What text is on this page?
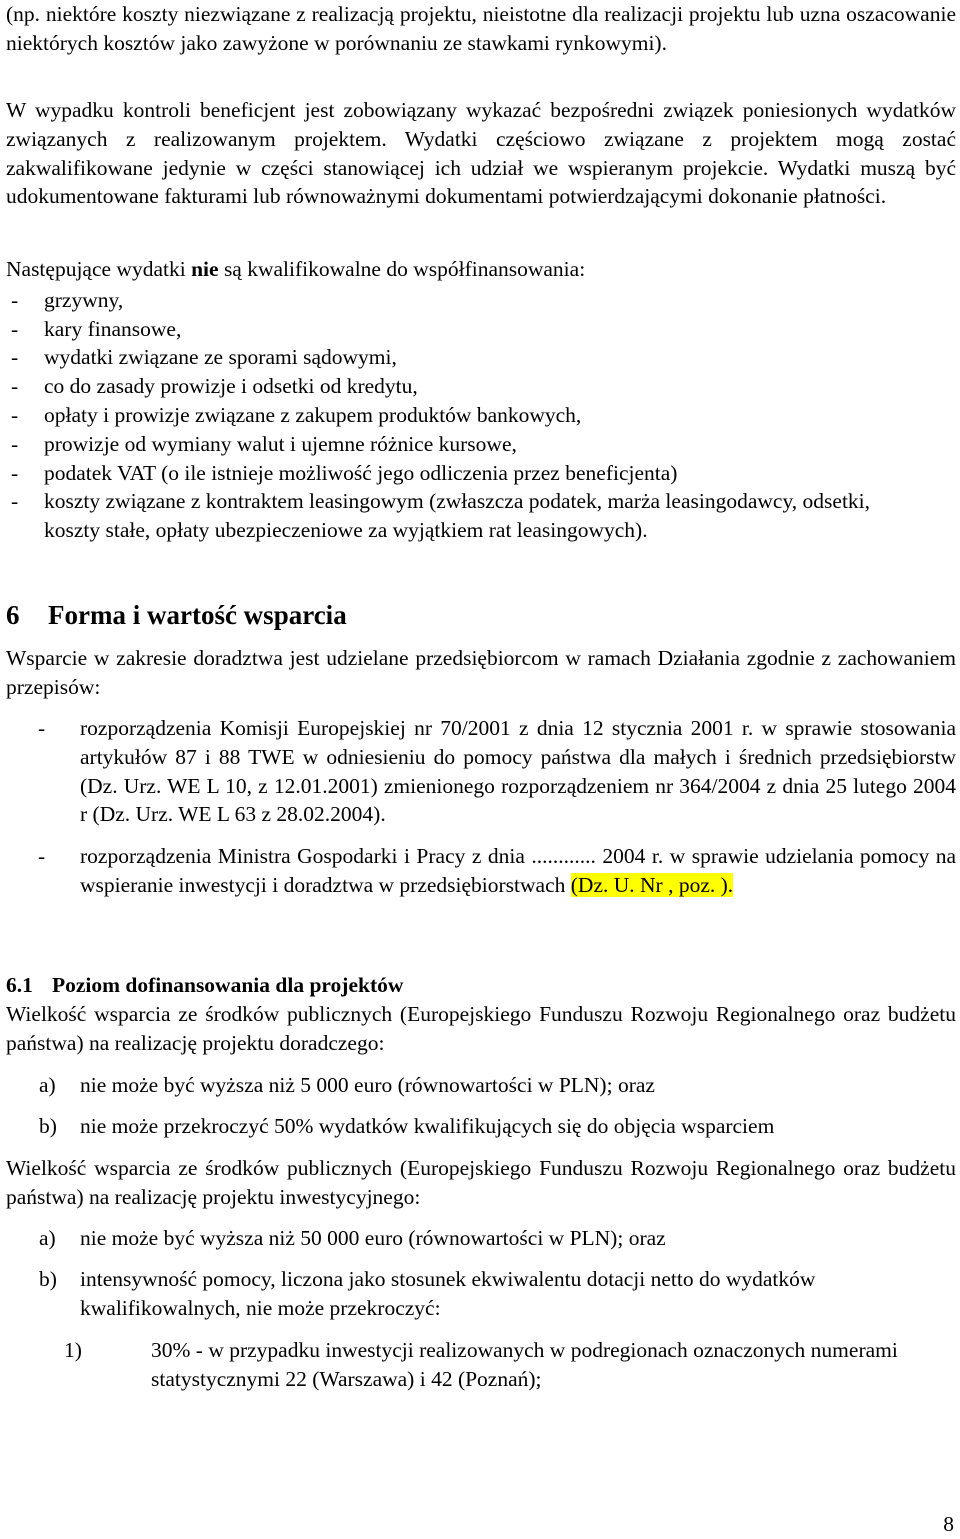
(np. niektóre koszty niezwiązane z realizacją projektu, nieistotne dla realizacji projektu lub uzna oszacowanie niektórych kosztów jako zawyżone w porównaniu ze stawkami rynkowymi).

W wypadku kontroli beneficjent jest zobowiązany wykazać bezpośredni związek poniesionych wydatków związanych z realizowanym projektem. Wydatki częściowo związane z projektem mogą zostać zakwalifikowane jedynie w części stanowiącej ich udział we wspieranym projekcie. Wydatki muszą być udokumentowane fakturami lub równoważnymi dokumentami potwierdzającymi dokonanie płatności.

Następujące wydatki nie są kwalifikowalne do współfinansowania:

-	grzywny,
-	kary finansowe,
-	wydatki związane ze sporami sądowymi,
-	co do zasady prowizje i odsetki od kredytu,
-	opłaty i prowizje związane z zakupem produktów bankowych,
-	prowizje od wymiany walut i ujemne różnice kursowe,
-	podatek VAT (o ile istnieje możliwość jego odliczenia przez beneficjenta)
-	koszty związane z kontraktem leasingowym (zwłaszcza podatek, marża leasingodawcy, odsetki, koszty stałe, opłaty ubezpieczeniowe za wyjątkiem rat leasingowych).
6	Forma i wartość wsparcia

Wsparcie w zakresie doradztwa jest udzielane przedsiębiorcom w ramach Działania zgodnie z zachowaniem przepisów:

-	rozporządzenia Komisji Europejskiej nr 70/2001 z dnia 12 stycznia 2001 r. w sprawie stosowania artykułów 87 i 88 TWE w odniesieniu do pomocy państwa dla małych i średnich przedsiębiorstw (Dz. Urz. WE L 10, z 12.01.2001) zmienionego rozporządzeniem nr 364/2004 z dnia 25 lutego 2004 r (Dz. Urz. WE L 63 z 28.02.2004).
-	rozporządzenia Ministra Gospodarki i Pracy z dnia ............ 2004 r. w sprawie udzielania pomocy na wspieranie inwestycji i doradztwa w przedsiębiorstwach (Dz. U. Nr , poz. ).
6.1 Poziom dofinansowania dla projektów

Wielkość wsparcia ze środków publicznych (Europejskiego Funduszu Rozwoju Regionalnego oraz budżetu państwa) na realizację projektu doradczego:

a)	nie może być wyższa niż 5 000 euro (równowartości w PLN); oraz
b)	nie może przekroczyć 50% wydatków kwalifikujących się do objęcia wsparciem

Wielkość wsparcia ze środków publicznych (Europejskiego Funduszu Rozwoju Regionalnego oraz budżetu państwa) na realizację projektu inwestycyjnego:

a)	nie może być wyższa niż 50 000 euro (równowartości w PLN); oraz
b)	intensywność pomocy, liczona jako stosunek ekwiwalentu dotacji netto do wydatków kwalifikowalnych, nie może przekroczyć:
1)	30% - w przypadku inwestycji realizowanych w podregionach oznaczonych numerami statystycznymi 22 (Warszawa) i 42 (Poznań);
8
